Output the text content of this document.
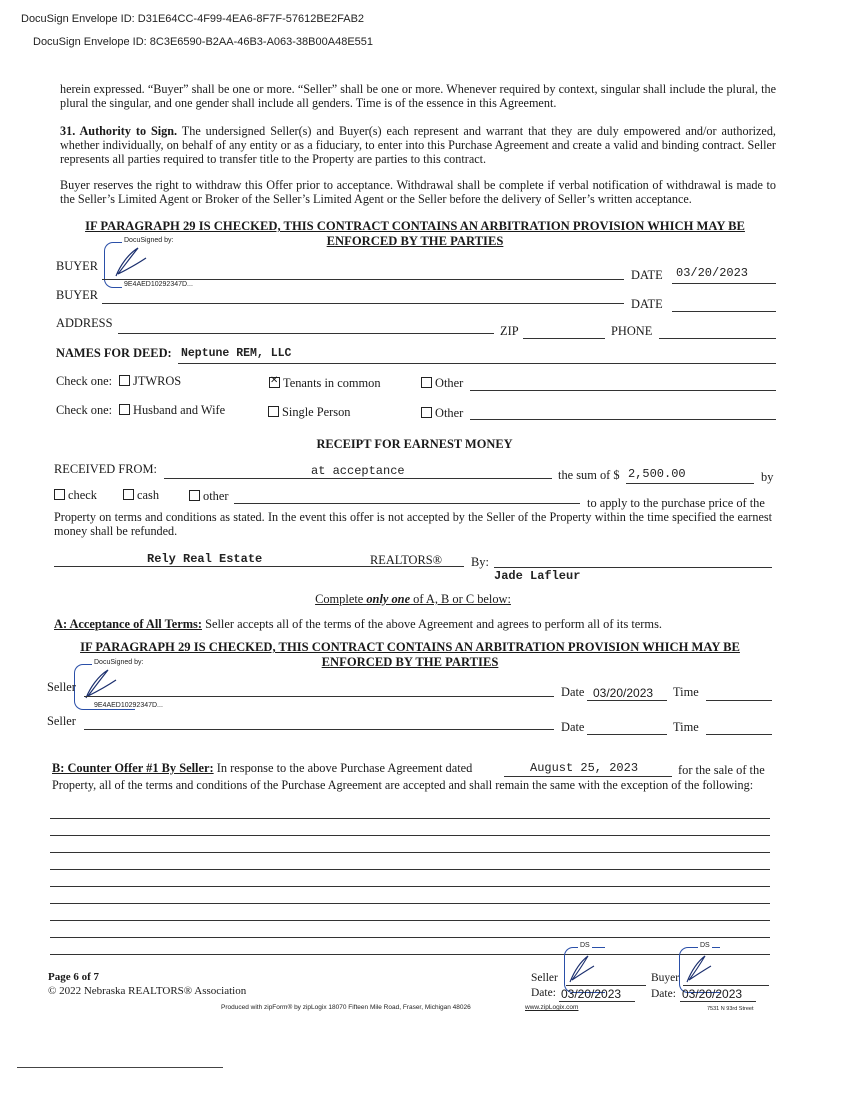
DocuSign Envelope ID: D31E64CC-4F99-4EA6-8F7F-57612BE2FAB2
DocuSign Envelope ID: 8C3E6590-B2AA-46B3-A063-38B00A48E551
herein expressed. “Buyer” shall be one or more. “Seller” shall be one or more. Whenever required by context, singular shall include the plural, the plural the singular, and one gender shall include all genders. Time is of the essence in this Agreement.
31. Authority to Sign. The undersigned Seller(s) and Buyer(s) each represent and warrant that they are duly empowered and/or authorized, whether individually, on behalf of any entity or as a fiduciary, to enter into this Purchase Agreement and create a valid and binding contract. Seller represents all parties required to transfer title to the Property are parties to this contract.
Buyer reserves the right to withdraw this Offer prior to acceptance. Withdrawal shall be complete if verbal notification of withdrawal is made to the Seller’s Limited Agent or Broker of the Seller’s Limited Agent or the Seller before the delivery of Seller’s written acceptance.
IF PARAGRAPH 29 IS CHECKED, THIS CONTRACT CONTAINS AN ARBITRATION PROVISION WHICH MAY BE
ENFORCED BY THE PARTIES
DocuSigned by:
9E4AED10292347D...
BUYER
DATE 03/20/2023
BUYER
DATE
ADDRESS
ZIP	PHONE
NAMES FOR DEED: Neptune REM, LLC
Check one:	JTWROS
✕	Tenants in common	Other
Check one:	Husband and Wife	Single Person	Other
RECEIPT FOR EARNEST MONEY
RECEIVED FROM:	at acceptance	the sum of $ 2,500.00	by
check	cash	other	to apply to the purchase price of the
Property on terms and conditions as stated. In the event this offer is not accepted by the Seller of the Property within the time specified the earnest money shall be refunded.
Rely Real Estate	REALTORS® By:
Jade Lafleur
Complete only one of A, B or C below:
A: Acceptance of All Terms: Seller accepts all of the terms of the above Agreement and agrees to perform all of its terms.
IF PARAGRAPH 29 IS CHECKED, THIS CONTRACT CONTAINS AN ARBITRATION PROVISION WHICH MAY BE
ENFORCED BY THE PARTIES
DocuSigned by:
9E4AED10292347D...
Seller	Date 03/20/2023 Time
Seller	Date	Time
B: Counter Offer #1 By Seller: In response to the above Purchase Agreement dated	August 25, 2023	for the sale of the
Property, all of the terms and conditions of the Purchase Agreement are accepted and shall remain the same with the exception of the following:
DS	DS
Seller	Buyer
Date: 03/20/2023	Date: 03/20/2023
Page 6 of 7
© 2022 Nebraska REALTORS® Association
Produced with zipForm® by zipLogix 18070 Fifteen Mile Road, Fraser, Michigan 48026	www.zipLogix.com	7531 N 93rd Street
